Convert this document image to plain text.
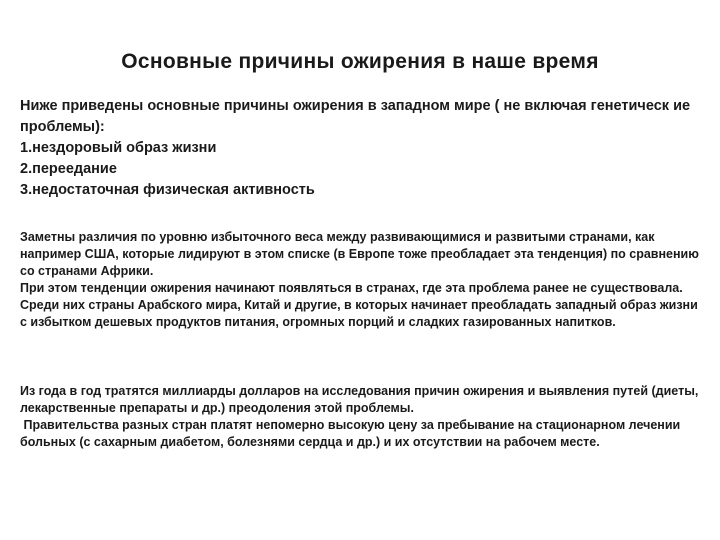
Основные причины ожирения в наше время
Ниже приведены основные причины ожирения в западном мире ( не включая генетическ ие проблемы):
1.нездоровый образ жизни
2.переедание
3.недостаточная физическая активность
Заметны различия по уровню избыточного веса между развивающимися и развитыми странами, как например США, которые лидируют в этом списке (в Европе тоже преобладает эта тенденция) по сравнению со странами Африки.
При этом тенденции ожирения начинают появляться в странах, где эта проблема ранее не существовала. Среди них страны Арабского мира, Китай и другие, в которых начинает преобладать западный образ жизни с избытком дешевых продуктов питания, огромных порций и сладких газированных напитков.
Из года в год тратятся миллиарды долларов на исследования причин ожирения и выявления путей (диеты, лекарственные препараты и др.) преодоления этой проблемы.
Правительства разных стран платят непомерно высокую цену за пребывание на стационарном лечении больных (с сахарным диабетом, болезнями сердца и др.) и их отсутствии на рабочем месте.
